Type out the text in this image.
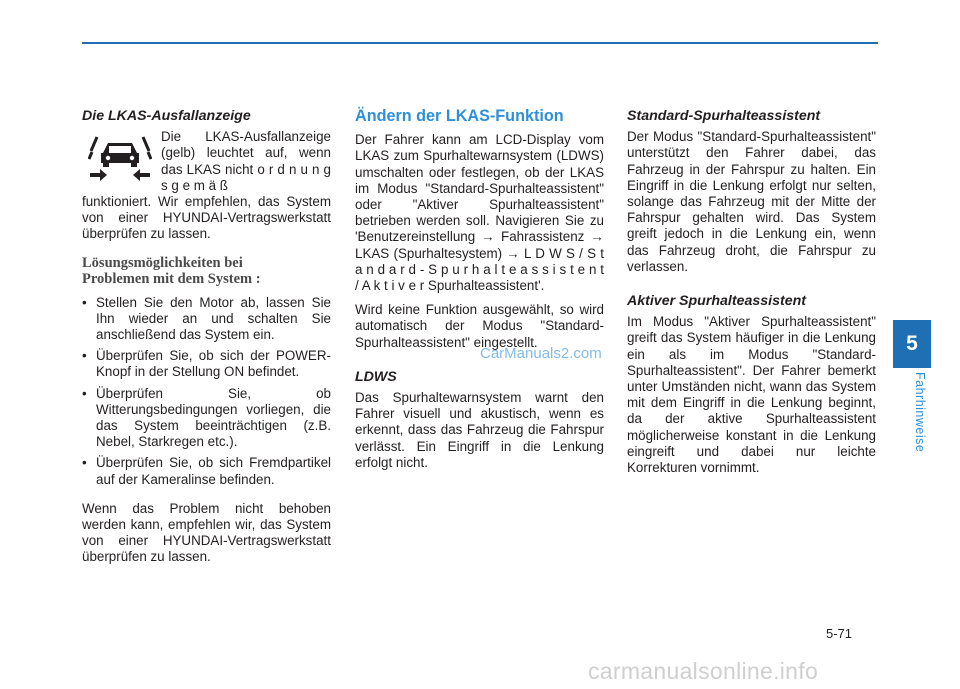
Die LKAS-Ausfallanzeige

Die LKAS-Ausfallanzeige (gelb) leuchtet auf, wenn das LKAS nicht o r d n u n g s g e m ä ß

funktioniert. Wir empfehlen, das System von einer HYUNDAI-Vertragswerkstatt überprüfen zu lassen.

Lösungsmöglichkeiten bei
Problemen mit dem System :

• Stellen Sie den Motor ab, lassen Sie Ihn wieder an und schalten Sie anschließend das System ein.
• Überprüfen Sie, ob sich der POWER-Knopf in der Stellung ON befindet.
• Überprüfen Sie, ob Witterungsbedingungen vorliegen, die das System beeinträchtigen (z.B. Nebel, Starkregen etc.).
• Überprüfen Sie, ob sich Fremdpartikel auf der Kameralinse befinden.

Wenn das Problem nicht behoben werden kann, empfehlen wir, das System von einer HYUNDAI-Vertragswerkstatt überprüfen zu lassen.

Ändern der LKAS-Funktion

Der Fahrer kann am LCD-Display vom LKAS zum Spurhaltewarnsystem (LDWS) umschalten oder festlegen, ob der LKAS im Modus "Standard-Spurhalteassistent" oder "Aktiver Spurhalteassistent" betrieben werden soll. Navigieren Sie zu 'Benutzereinstellung → Fahrassistenz → LKAS (Spurhaltesystem) → L D W S / S t a n d a r d - S p u r h a l t e a s s i s t e n t / A k t i v e r Spurhalteassistent'.

Wird keine Funktion ausgewählt, so wird automatisch der Modus "Standard-Spurhalteassistent" eingestellt.

LDWS

Das Spurhaltewarnsystem warnt den Fahrer visuell und akustisch, wenn es erkennt, dass das Fahrzeug die Fahrspur verlässt. Ein Eingriff in die Lenkung erfolgt nicht.

Standard-Spurhalteassistent

Der Modus "Standard-Spurhalteassistent" unterstützt den Fahrer dabei, das Fahrzeug in der Fahrspur zu halten. Ein Eingriff in die Lenkung erfolgt nur selten, solange das Fahrzeug mit der Mitte der Fahrspur gehalten wird. Das System greift jedoch in die Lenkung ein, wenn das Fahrzeug droht, die Fahrspur zu verlassen.

Aktiver Spurhalteassistent

Im Modus "Aktiver Spurhalteassistent" greift das System häufiger in die Lenkung ein als im Modus "Standard-Spurhalteassistent". Der Fahrer bemerkt unter Umständen nicht, wann das System mit dem Eingriff in die Lenkung beginnt, da der aktive Spurhalteassistent möglicherweise konstant in die Lenkung eingreift und dabei nur leichte Korrekturen vornimmt.

5
Fahrhinweise
5-71
CarManuals2.com
carmanualsonline.info
